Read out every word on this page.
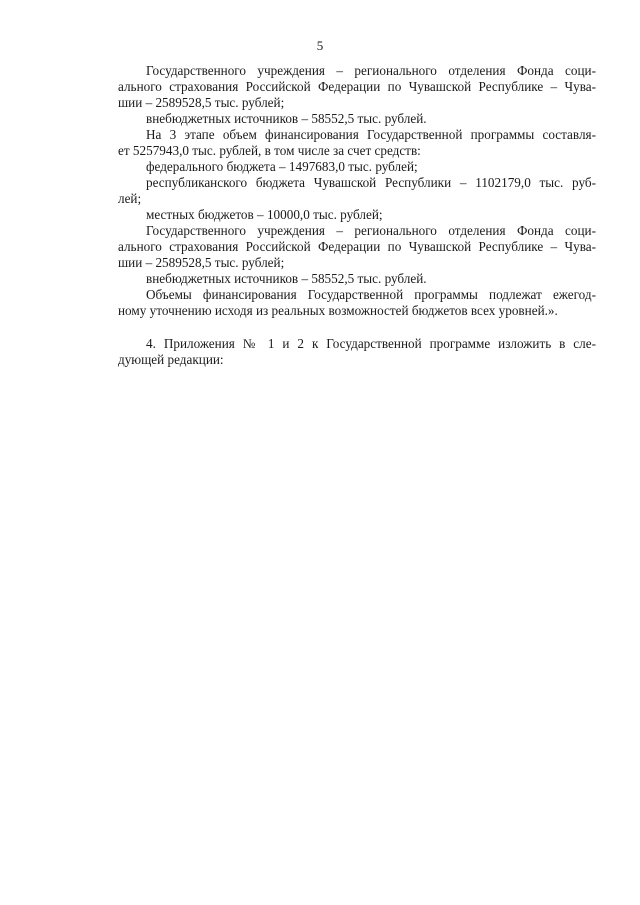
5
Государственного учреждения – регионального отделения Фонда соци-
ального страхования Российской Федерации по Чувашской Республике – Чува-
шии – 2589528,5 тыс. рублей;
внебюджетных источников – 58552,5 тыс. рублей.
На 3 этапе объем финансирования Государственной программы составля-
ет 5257943,0 тыс. рублей, в том числе за счет средств:
федерального бюджета – 1497683,0 тыс. рублей;
республиканского бюджета Чувашской Республики – 1102179,0 тыс. руб-
лей;
местных бюджетов – 10000,0 тыс. рублей;
Государственного учреждения – регионального отделения Фонда соци-
ального страхования Российской Федерации по Чувашской Республике – Чува-
шии – 2589528,5 тыс. рублей;
внебюджетных источников – 58552,5 тыс. рублей.
Объемы финансирования Государственной программы подлежат ежегод-
ному уточнению исходя из реальных возможностей бюджетов всех уровней.».
4. Приложения № 1 и 2 к Государственной программе изложить в сле-
дующей редакции:
